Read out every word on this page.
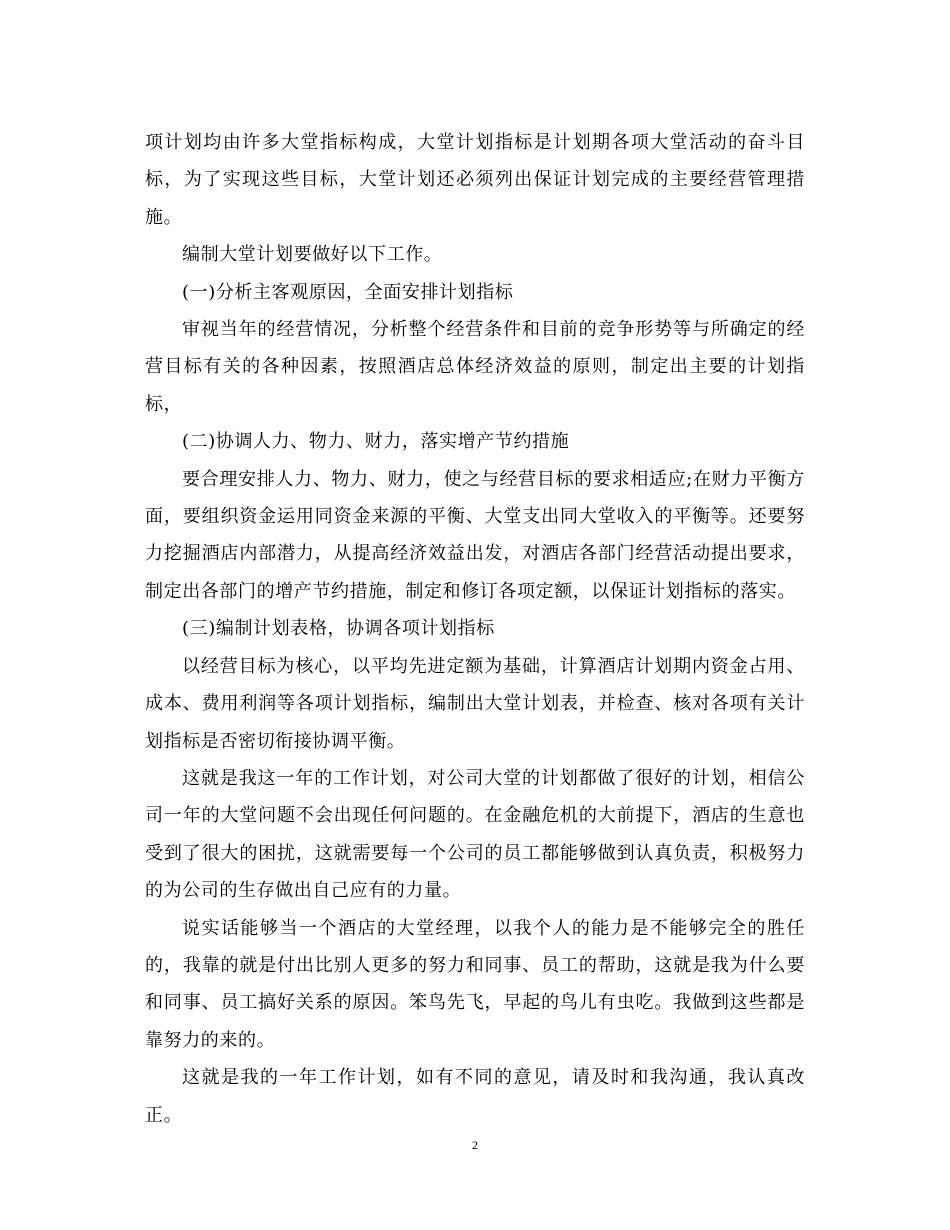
项计划均由许多大堂指标构成，大堂计划指标是计划期各项大堂活动的奋斗目标，为了实现这些目标，大堂计划还必须列出保证计划完成的主要经营管理措施。

编制大堂计划要做好以下工作。

(一)分析主客观原因，全面安排计划指标

审视当年的经营情况，分析整个经营条件和目前的竞争形势等与所确定的经营目标有关的各种因素，按照酒店总体经济效益的原则，制定出主要的计划指标，

(二)协调人力、物力、财力，落实增产节约措施

要合理安排人力、物力、财力，使之与经营目标的要求相适应;在财力平衡方面，要组织资金运用同资金来源的平衡、大堂支出同大堂收入的平衡等。还要努力挖掘酒店内部潜力，从提高经济效益出发，对酒店各部门经营活动提出要求，制定出各部门的增产节约措施，制定和修订各项定额，以保证计划指标的落实。

(三)编制计划表格，协调各项计划指标

以经营目标为核心，以平均先进定额为基础，计算酒店计划期内资金占用、成本、费用利润等各项计划指标，编制出大堂计划表，并检查、核对各项有关计划指标是否密切衔接协调平衡。

这就是我这一年的工作计划，对公司大堂的计划都做了很好的计划，相信公司一年的大堂问题不会出现任何问题的。在金融危机的大前提下，酒店的生意也受到了很大的困扰，这就需要每一个公司的员工都能够做到认真负责，积极努力的为公司的生存做出自己应有的力量。

说实话能够当一个酒店的大堂经理，以我个人的能力是不能够完全的胜任的，我靠的就是付出比别人更多的努力和同事、员工的帮助，这就是我为什么要和同事、员工搞好关系的原因。笨鸟先飞，早起的鸟儿有虫吃。我做到这些都是靠努力的来的。

这就是我的一年工作计划，如有不同的意见，请及时和我沟通，我认真改正。

2
